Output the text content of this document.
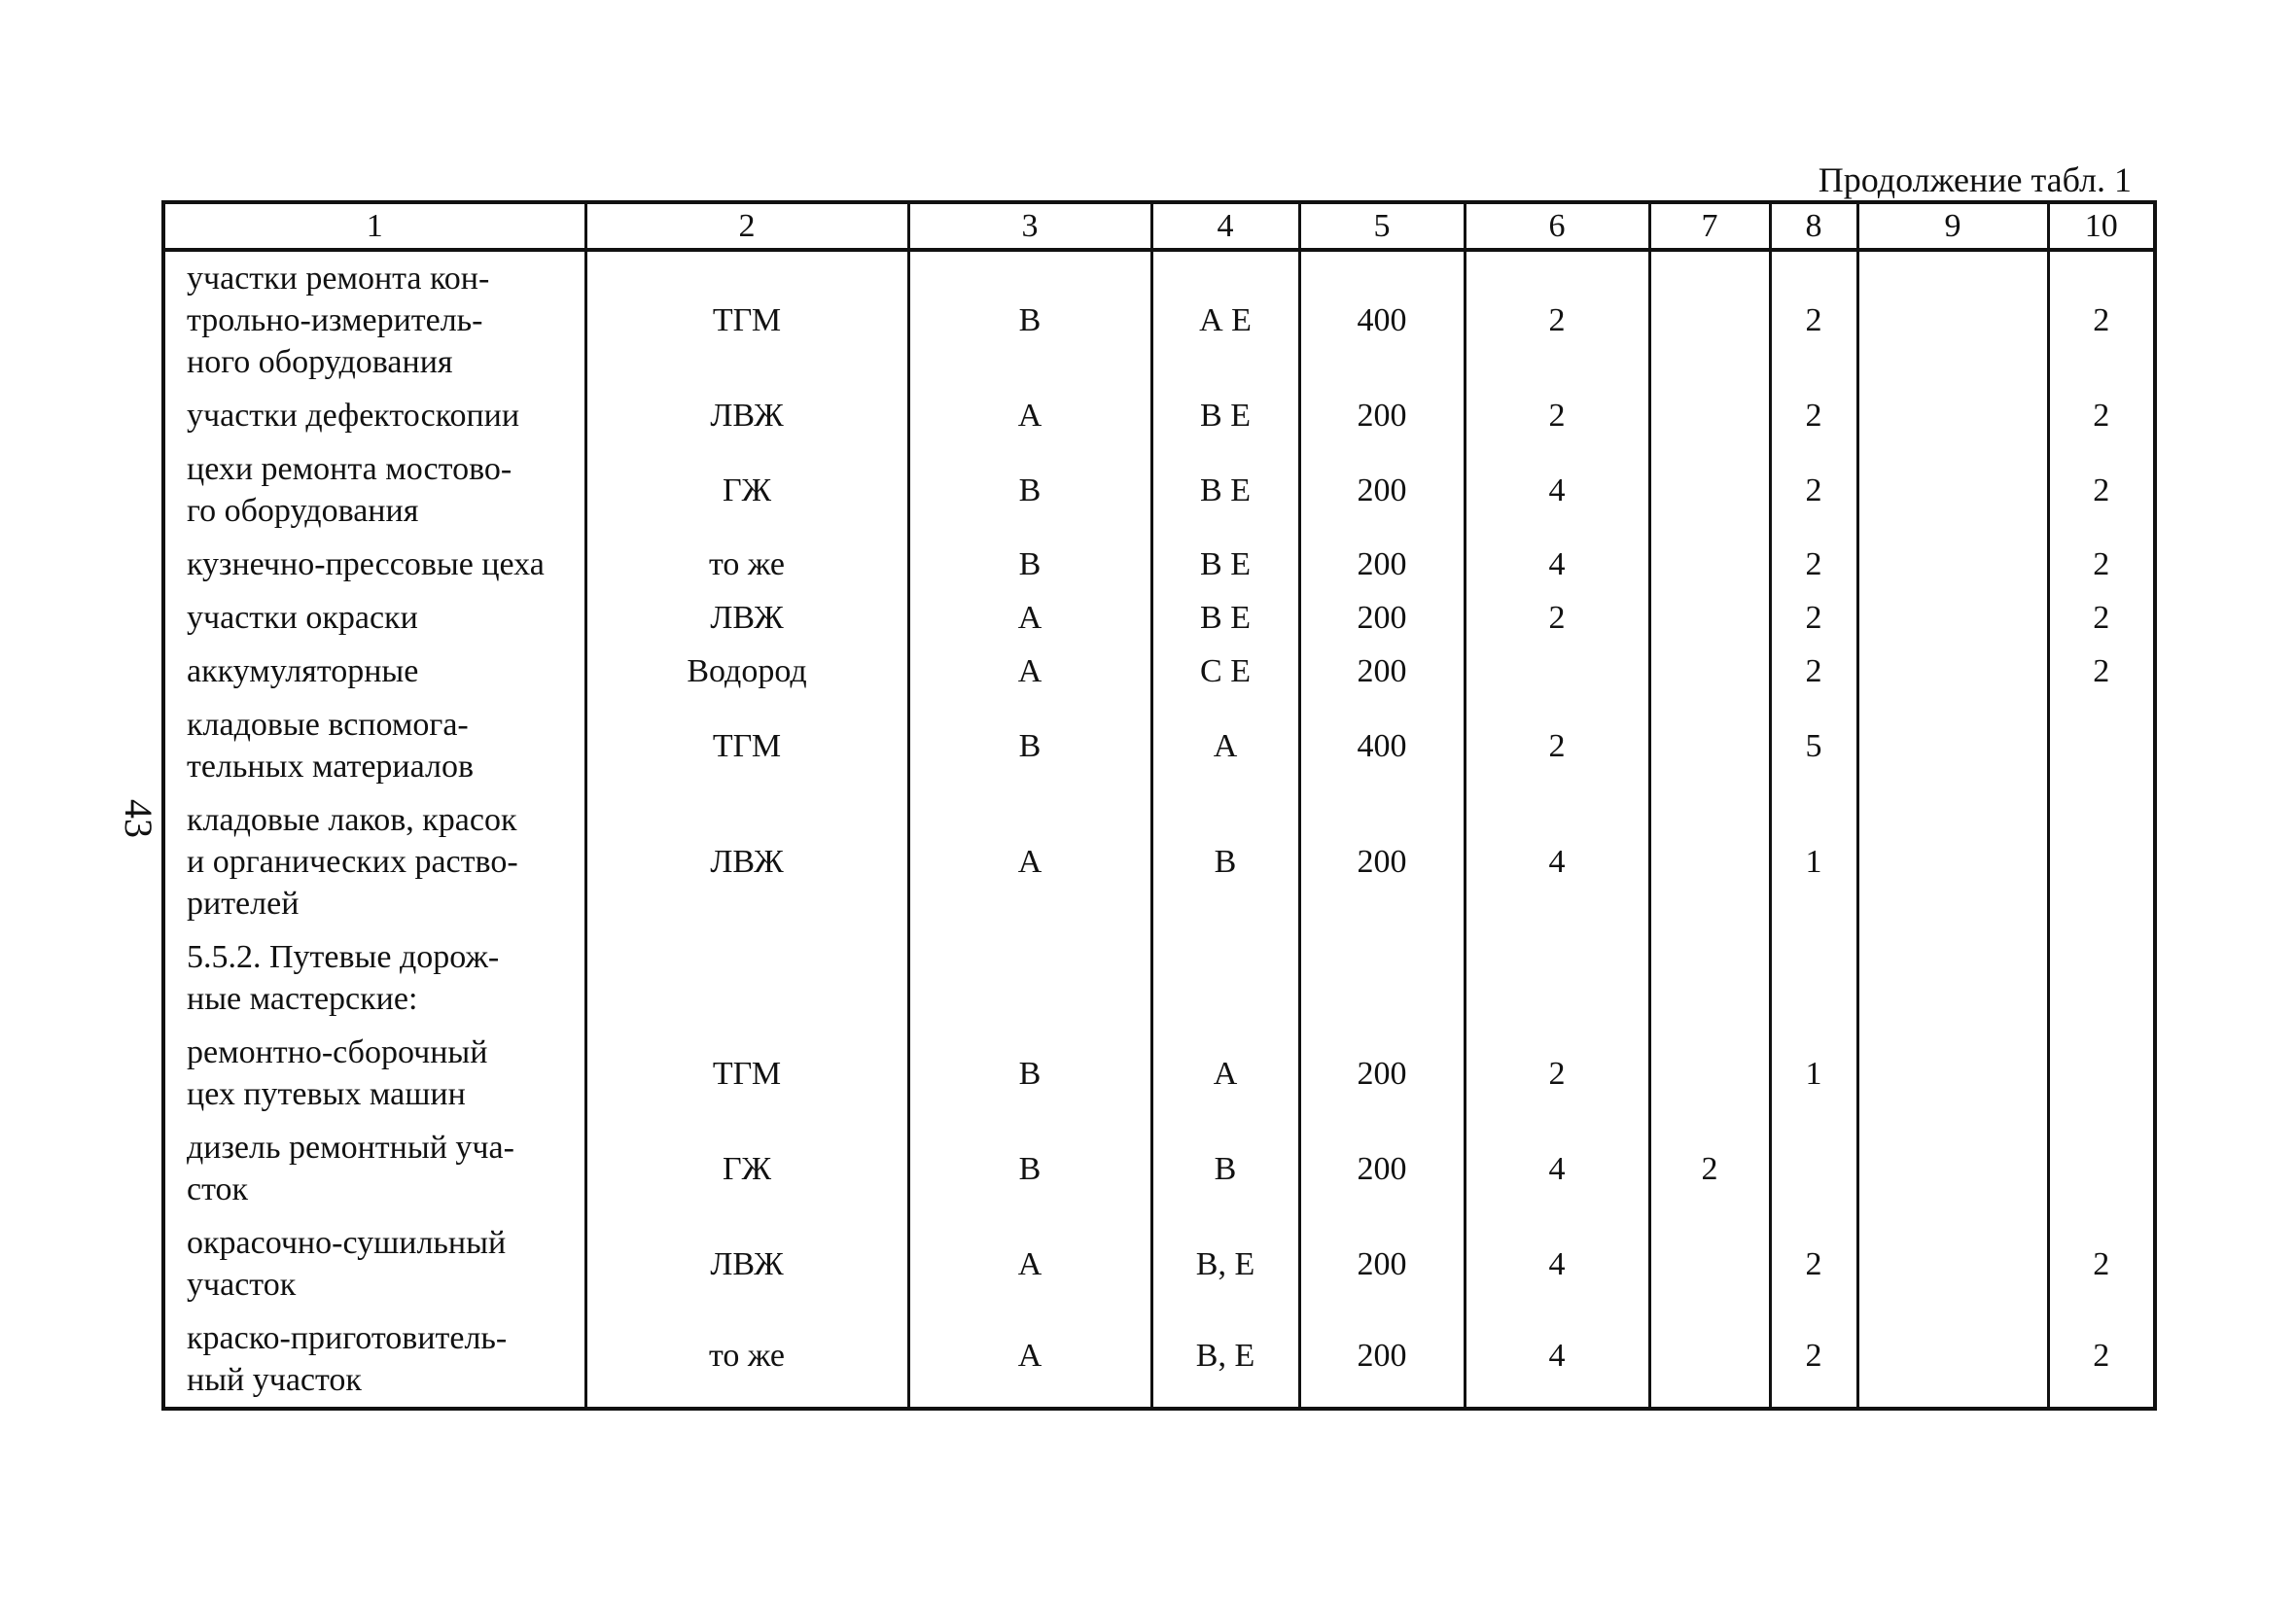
Продолжение табл. 1
43
1	2	3	4	5	6	7	8	9	10

участки ремонта кон-
трольно-измеритель-
ного оборудования	ТГМ	В	А Е	400	2		2		2

участки дефектоскопии	ЛВЖ	А	В Е	200	2		2		2

цехи ремонта мостово-
го оборудования	ГЖ	В	В Е	200	4		2		2

кузнечно-прессовые цеха	то же	В	В Е	200	4		2		2

участки окраски	ЛВЖ	А	В Е	200	2		2		2

аккумуляторные	Водород	А	С Е	200			2		2

кладовые вспомога-
тельных материалов	ТГМ	В	А	400	2		5		

кладовые лаков, красок
и органических раство-
рителей	ЛВЖ	А	В	200	4		1		

5.5.2. Путевые дорож-
ные мастерские:									

ремонтно-сборочный
цех путевых машин	ТГМ	В	А	200	2		1		

дизель ремонтный уча-
сток	ГЖ	В	В	200	4	2			

окрасочно-сушильный
участок	ЛВЖ	А	В, Е	200	4		2		2

краско-приготовитель-
ный участок	то же	А	В, Е	200	4		2		2
